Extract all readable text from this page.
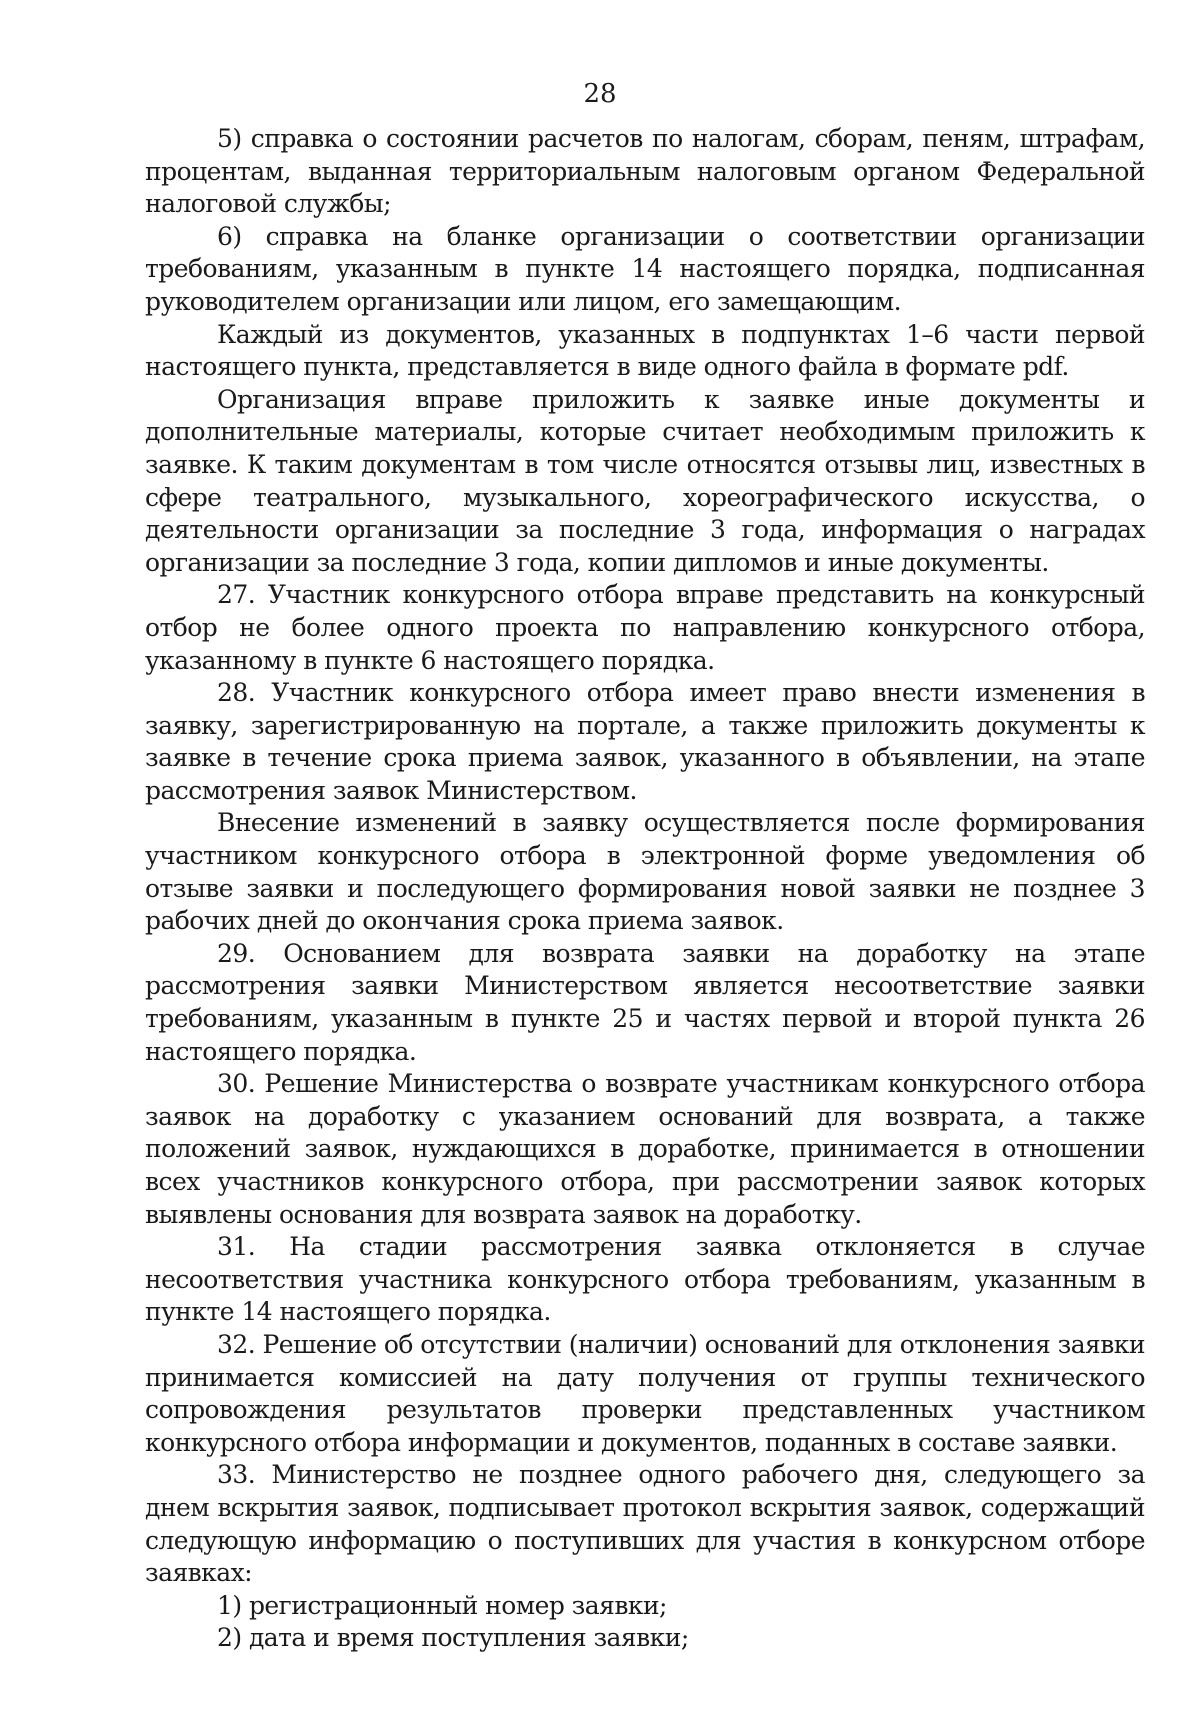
28

5) справка о состоянии расчетов по налогам, сборам, пеням, штрафам, процентам, выданная территориальным налоговым органом Федеральной налоговой службы;

6) справка на бланке организации о соответствии организации требованиям, указанным в пункте 14 настоящего порядка, подписанная руководителем организации или лицом, его замещающим.

Каждый из документов, указанных в подпунктах 1–6 части первой настоящего пункта, представляется в виде одного файла в формате pdf.

Организация вправе приложить к заявке иные документы и дополнительные материалы, которые считает необходимым приложить к заявке. К таким документам в том числе относятся отзывы лиц, известных в сфере театрального, музыкального, хореографического искусства, о деятельности организации за последние 3 года, информация о наградах организации за последние 3 года, копии дипломов и иные документы.

27. Участник конкурсного отбора вправе представить на конкурсный отбор не более одного проекта по направлению конкурсного отбора, указанному в пункте 6 настоящего порядка.

28. Участник конкурсного отбора имеет право внести изменения в заявку, зарегистрированную на портале, а также приложить документы к заявке в течение срока приема заявок, указанного в объявлении, на этапе рассмотрения заявок Министерством.

Внесение изменений в заявку осуществляется после формирования участником конкурсного отбора в электронной форме уведомления об отзыве заявки и последующего формирования новой заявки не позднее 3 рабочих дней до окончания срока приема заявок.

29. Основанием для возврата заявки на доработку на этапе рассмотрения заявки Министерством является несоответствие заявки требованиям, указанным в пункте 25 и частях первой и второй пункта 26 настоящего порядка.

30. Решение Министерства о возврате участникам конкурсного отбора заявок на доработку с указанием оснований для возврата, а также положений заявок, нуждающихся в доработке, принимается в отношении всех участников конкурсного отбора, при рассмотрении заявок которых выявлены основания для возврата заявок на доработку.

31. На стадии рассмотрения заявка отклоняется в случае несоответствия участника конкурсного отбора требованиям, указанным в пункте 14 настоящего порядка.

32. Решение об отсутствии (наличии) оснований для отклонения заявки принимается комиссией на дату получения от группы технического сопровождения результатов проверки представленных участником конкурсного отбора информации и документов, поданных в составе заявки.

33. Министерство не позднее одного рабочего дня, следующего за днем вскрытия заявок, подписывает протокол вскрытия заявок, содержащий следующую информацию о поступивших для участия в конкурсном отборе заявках:

1) регистрационный номер заявки;

2) дата и время поступления заявки;
